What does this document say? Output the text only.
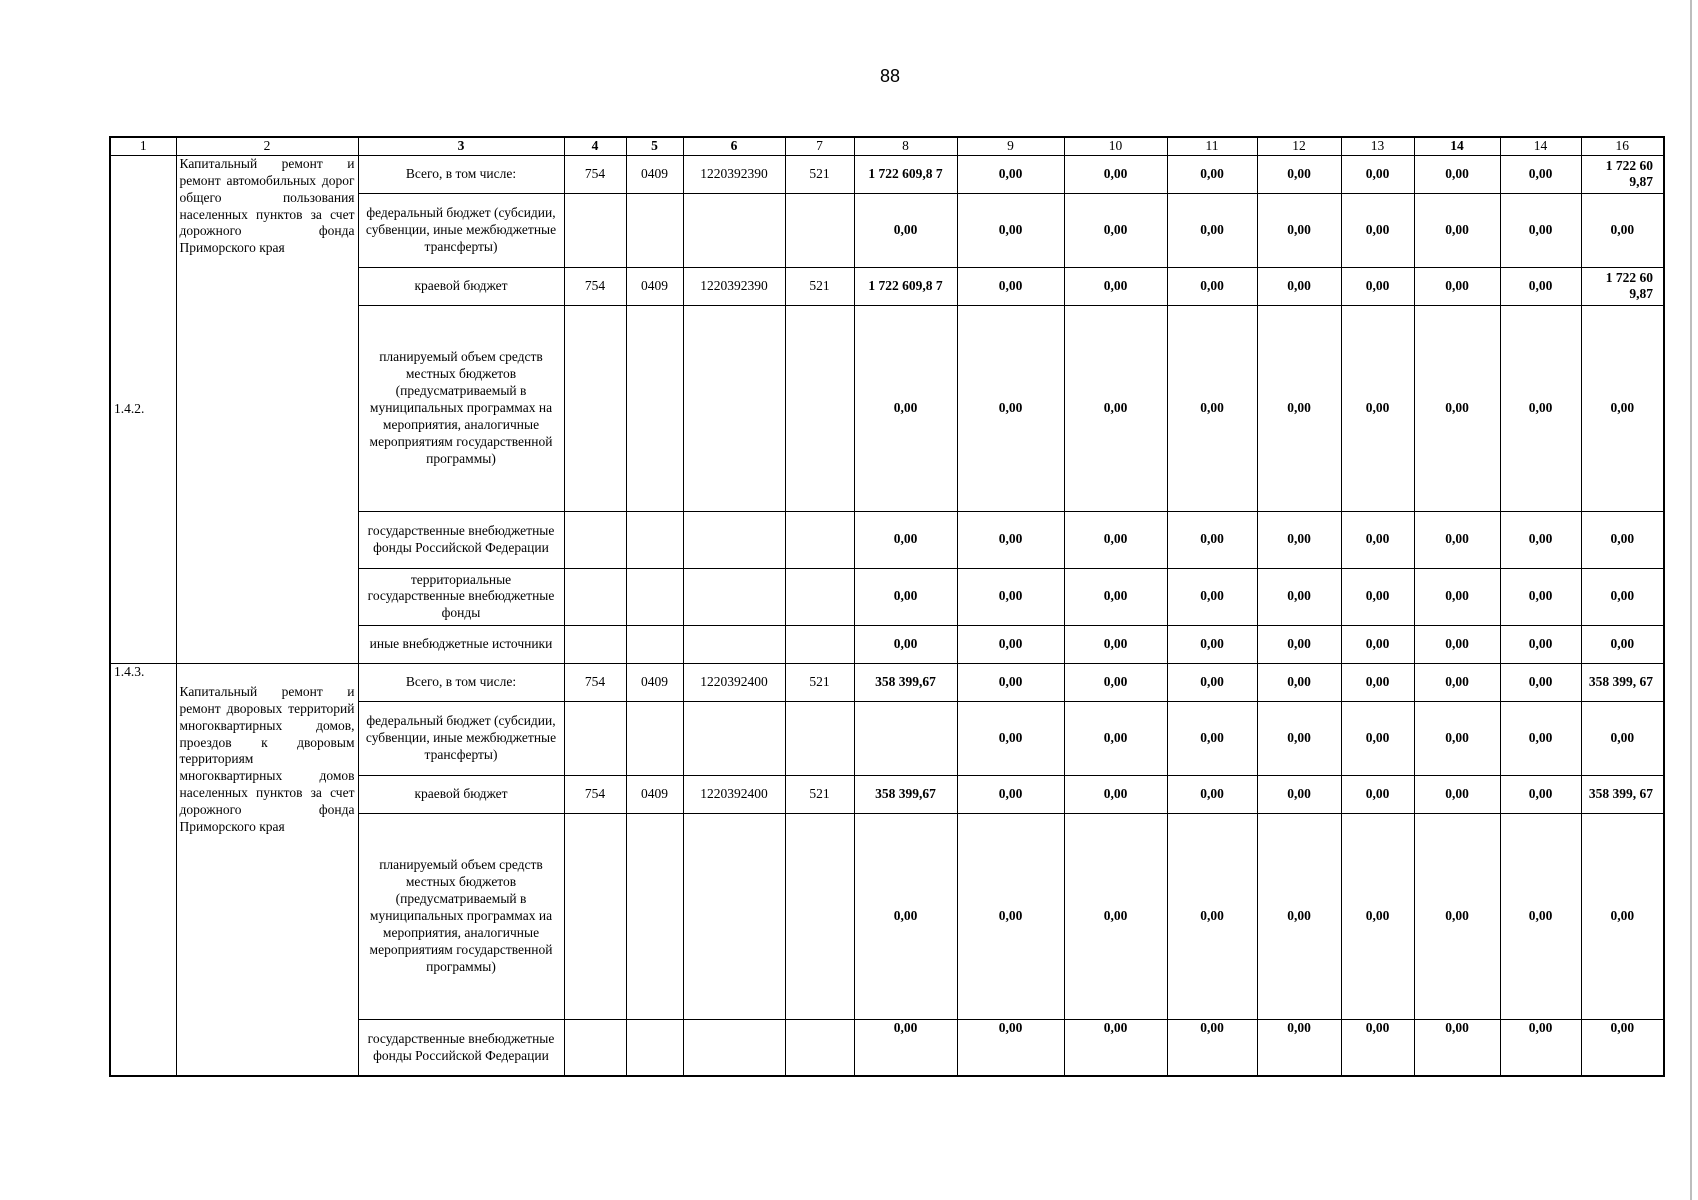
88
1	2	3	4	5	6	7	8	9	10	11	12	13	14	14	16
1.4.2.	Капитальный ремонт и ремонт автомобильных дорог общего пользования населенных пунктов за счет дорожного фонда Приморского края	Всего, в том числе:	754	0409	1220392390	521	1 722 609,8 7	0,00	0,00	0,00	0,00	0,00	0,00	0,00	1 722 60 9,87
		федеральный бюджет (субсидии, субвенции, иные межбюджетные трансферты)					0,00	0,00	0,00	0,00	0,00	0,00	0,00	0,00	0,00
		краевой бюджет	754	0409	1220392390	521	1 722 609,8 7	0,00	0,00	0,00	0,00	0,00	0,00	0,00	1 722 60 9,87
		планируемый объем средств местных бюджетов (предусматриваемый в муниципальных программах на мероприятия, аналогичные мероприятиям государственной программы)					0,00	0,00	0,00	0,00	0,00	0,00	0,00	0,00	0,00
		государственные внебюджетные фонды Российской Федерации					0,00	0,00	0,00	0,00	0,00	0,00	0,00	0,00	0,00
		территориальные государственные внебюджетные фонды					0,00	0,00	0,00	0,00	0,00	0,00	0,00	0,00	0,00
		иные внебюджетные источники					0,00	0,00	0,00	0,00	0,00	0,00	0,00	0,00	0,00
1.4.3.	Капитальный ремонт и ремонт дворовых территорий многоквартирных домов, проездов к дворовым территориям многоквартирных домов населенных пунктов за счет дорожного фонда Приморского края	Всего, в том числе:	754	0409	1220392400	521	358 399,67	0,00	0,00	0,00	0,00	0,00	0,00	0,00	358 399, 67
		федеральный бюджет (субсидии, субвенции, иные межбюджетные трансферты)						0,00	0,00	0,00	0,00	0,00	0,00	0,00	0,00
		краевой бюджет	754	0409	1220392400	521	358 399,67	0,00	0,00	0,00	0,00	0,00	0,00	0,00	358 399, 67
		планируемый объем средств местных бюджетов (предусматриваемый в муниципальных программах иа мероприятия, аналогичные мероприятиям государственной программы)					0,00	0,00	0,00	0,00	0,00	0,00	0,00	0,00	0,00
		государственные внебюджетные фонды Российской Федерации					0,00	0,00	0,00	0,00	0,00	0,00	0,00	0,00	0,00
